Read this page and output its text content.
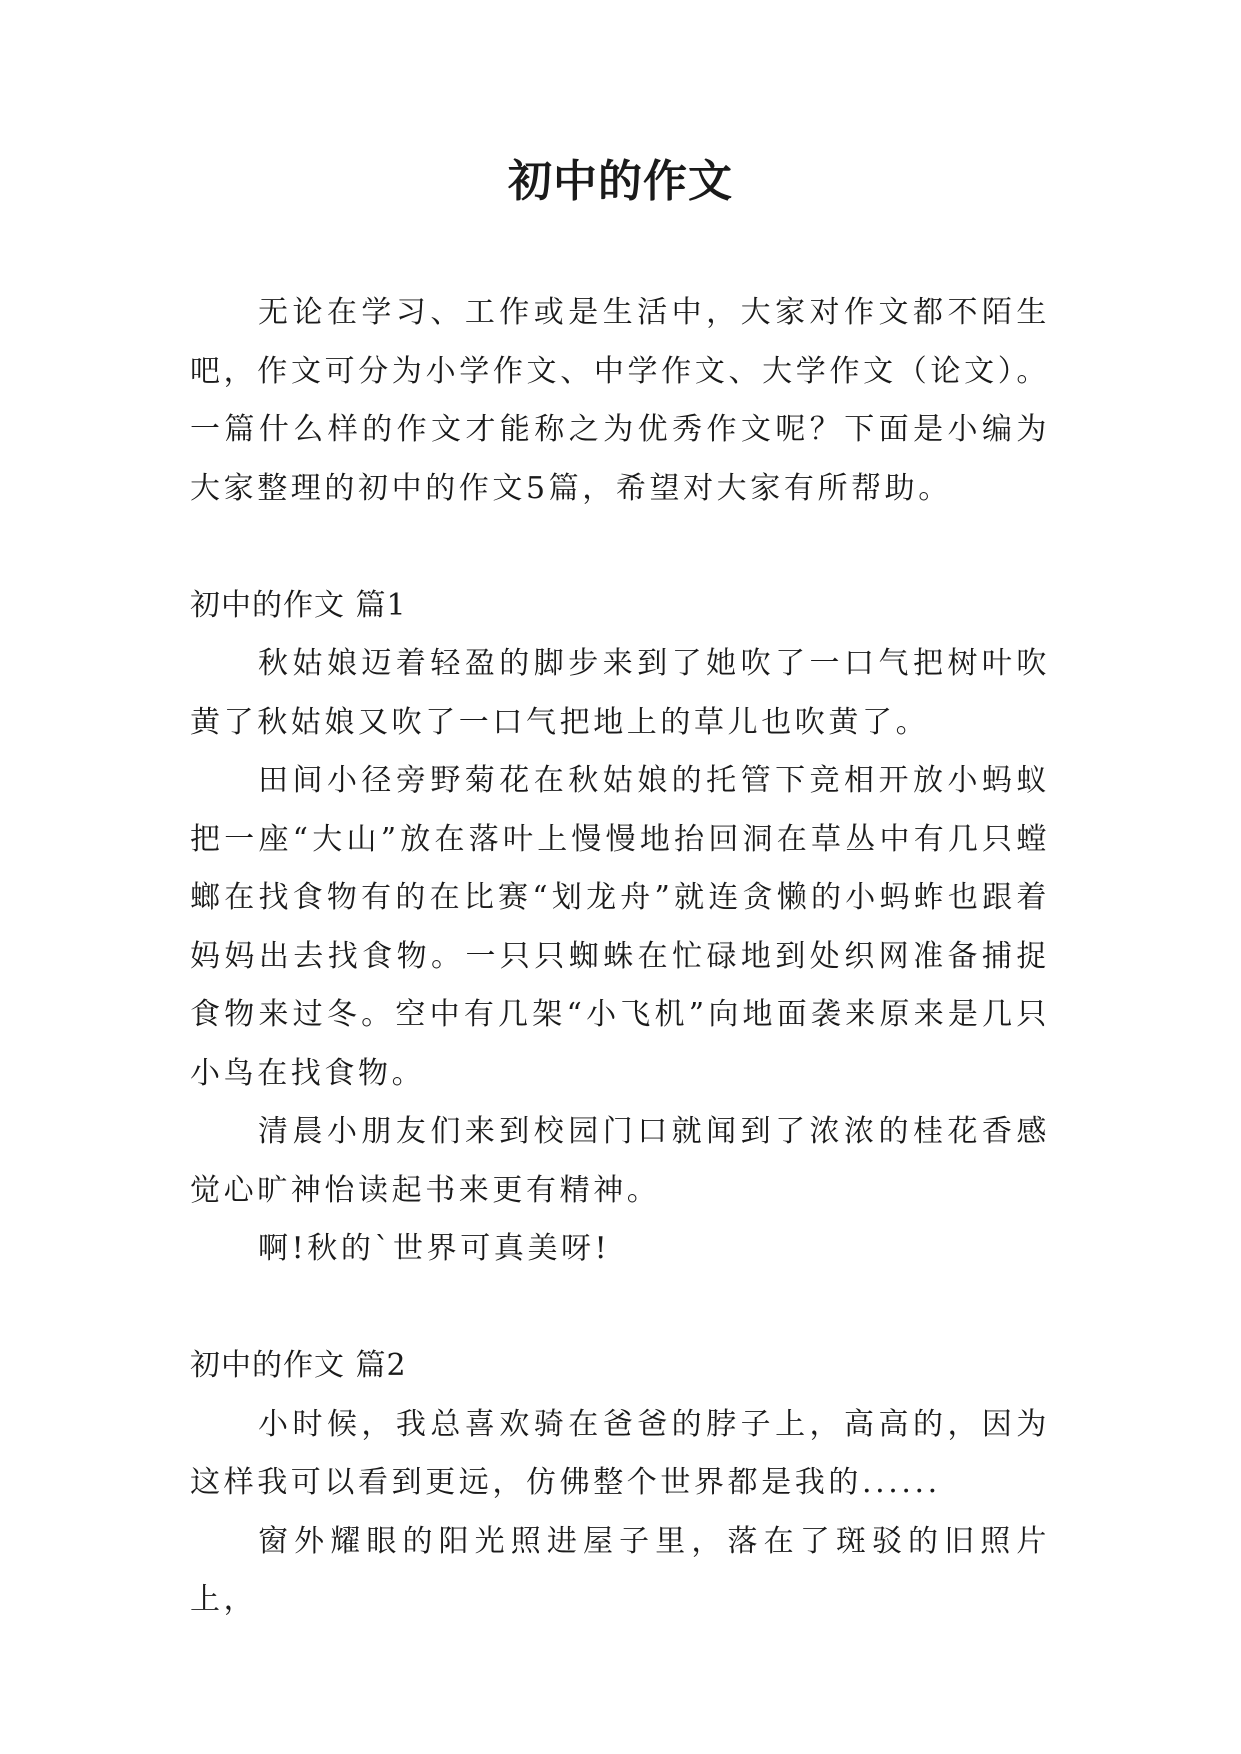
初中的作文

无论在学习、工作或是生活中，大家对作文都不陌生吧，作文可分为小学作文、中学作文、大学作文（论文）。一篇什么样的作文才能称之为优秀作文呢？下面是小编为大家整理的初中的作文5篇，希望对大家有所帮助。

初中的作文 篇1

秋姑娘迈着轻盈的脚步来到了她吹了一口气把树叶吹黄了秋姑娘又吹了一口气把地上的草儿也吹黄了。

田间小径旁野菊花在秋姑娘的托管下竞相开放小蚂蚁把一座“大山”放在落叶上慢慢地抬回洞在草丛中有几只螳螂在找食物有的在比赛“划龙舟”就连贪懒的小蚂蚱也跟着妈妈出去找食物。一只只蜘蛛在忙碌地到处织网准备捕捉食物来过冬。空中有几架“小飞机”向地面袭来原来是几只小鸟在找食物。

清晨小朋友们来到校园门口就闻到了浓浓的桂花香感觉心旷神怡读起书来更有精神。

啊!秋的`世界可真美呀!

初中的作文 篇2

小时候，我总喜欢骑在爸爸的脖子上，高高的，因为这样我可以看到更远，仿佛整个世界都是我的......

窗外耀眼的阳光照进屋子里，落在了斑驳的旧照片上，
